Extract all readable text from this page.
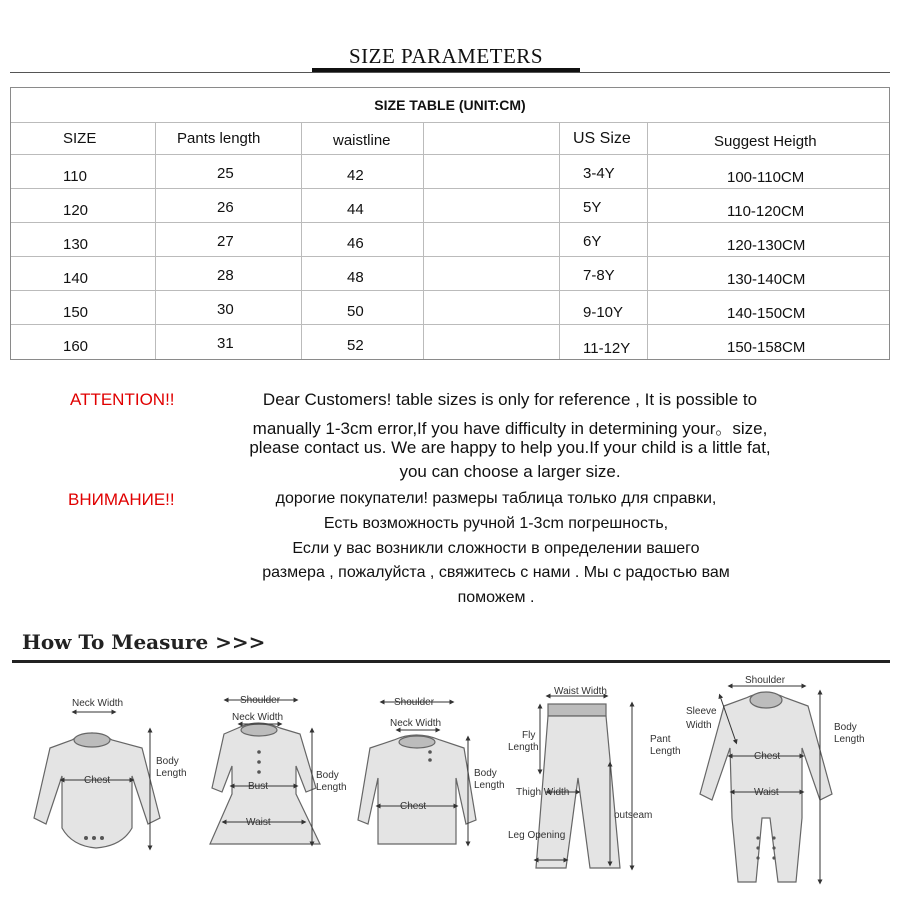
SIZE PARAMETERS
SIZE TABLE (UNIT:CM)
SIZE	Pants length	waistline	US Size	Suggest Heigth
110	25	42	3-4Y	100-110CM
120	26	44	5Y	110-120CM
130	27	46	6Y	120-130CM
140	28	48	7-8Y	130-140CM
150	30	50	9-10Y	140-150CM
160	31	52	11-12Y	150-158CM
ATTENTION!!	Dear Customers! table sizes is only for reference , It is possible to
manually 1-3cm error,If you have difficulty in determining your。size,
please contact us. We are happy to help you.If your child is a little fat,
you can choose a larger size.
ВНИМАНИЕ!!	дорогие покупатели! размеры таблица только для справки,
Есть возможность ручной 1-3cm погрешность,
Если у вас возникли сложности в определении вашего
размера , пожалуйста , свяжитесь с нами . Мы с радостью вам
поможем .
How To Measure >>>
Neck Width
Chest
Body
Length
Shoulder
Neck Width
Bust
Waist
Body
Length
Shoulder
Neck Width
Chest
Body
Length
Waist Width
Fly
Length
Pant
Length
Thigh Width
outseam
Leg Opening
Shoulder
Sleeve
Width
Chest
Waist
Body
Length
